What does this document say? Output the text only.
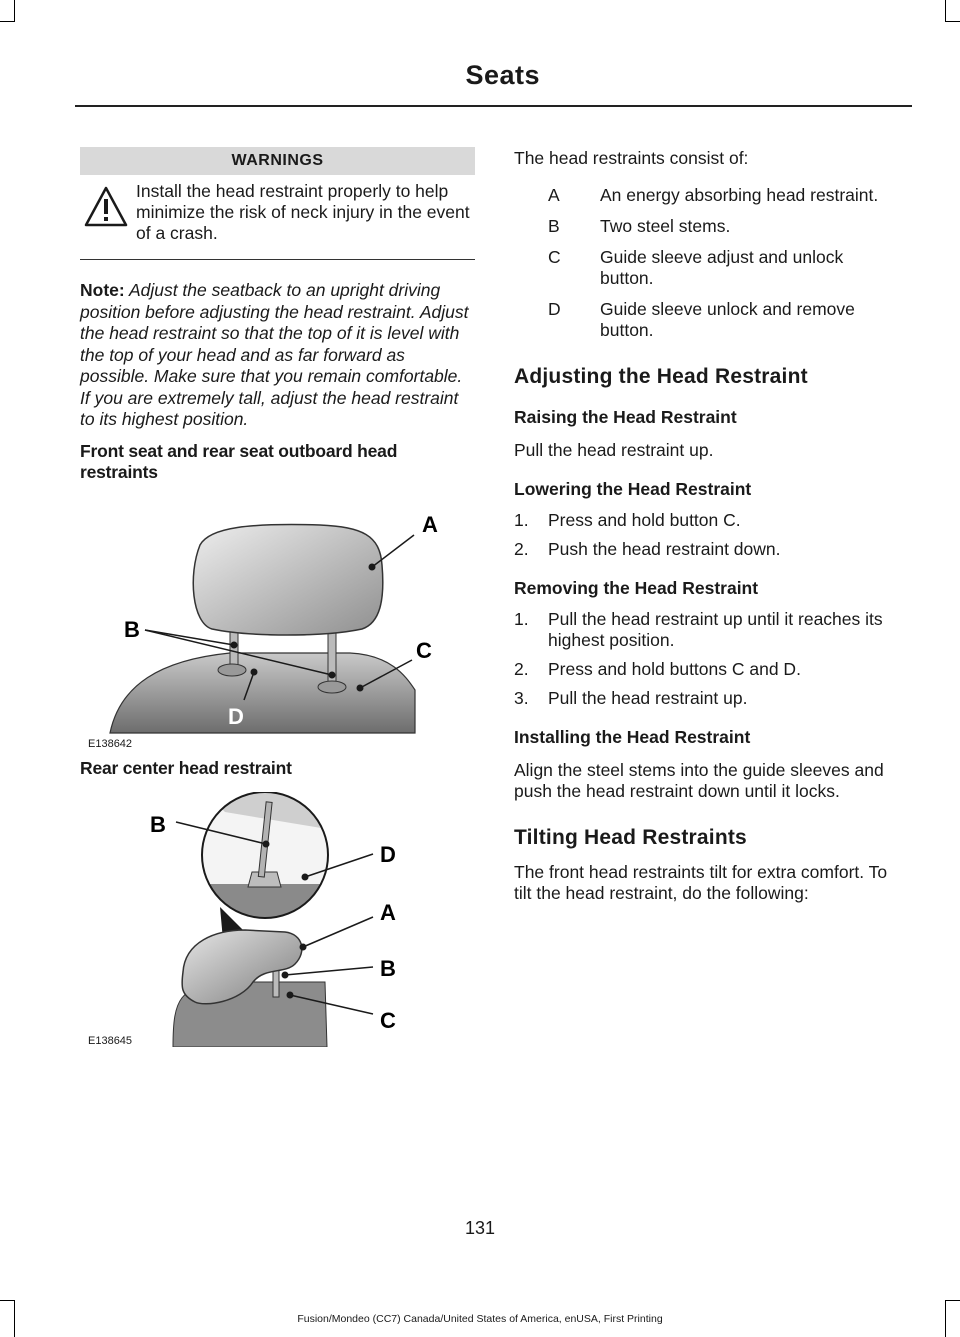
Seats
WARNINGS
Install the head restraint properly to help minimize the risk of neck injury in the event of a crash.
Note: Adjust the seatback to an upright driving position before adjusting the head restraint. Adjust the head restraint so that the top of it is level with the top of your head and as far forward as possible. Make sure that you remain comfortable. If you are extremely tall, adjust the head restraint to its highest position.
Front seat and rear seat outboard head restraints
A
B
C
D
E138642
Rear center head restraint
B
D
A
B
C
E138645
The head restraints consist of:
A	An energy absorbing head restraint.
B	Two steel stems.
C	Guide sleeve adjust and unlock button.
D	Guide sleeve unlock and remove button.
Adjusting the Head Restraint
Raising the Head Restraint
Pull the head restraint up.
Lowering the Head Restraint
1.	Press and hold button C.
2.	Push the head restraint down.
Removing the Head Restraint
1.	Pull the head restraint up until it reaches its highest position.
2.	Press and hold buttons C and D.
3.	Pull the head restraint up.
Installing the Head Restraint
Align the steel stems into the guide sleeves and push the head restraint down until it locks.
Tilting Head Restraints
The front head restraints tilt for extra comfort. To tilt the head restraint, do the following:
131
Fusion/Mondeo (CC7) Canada/United States of America, enUSA, First Printing
